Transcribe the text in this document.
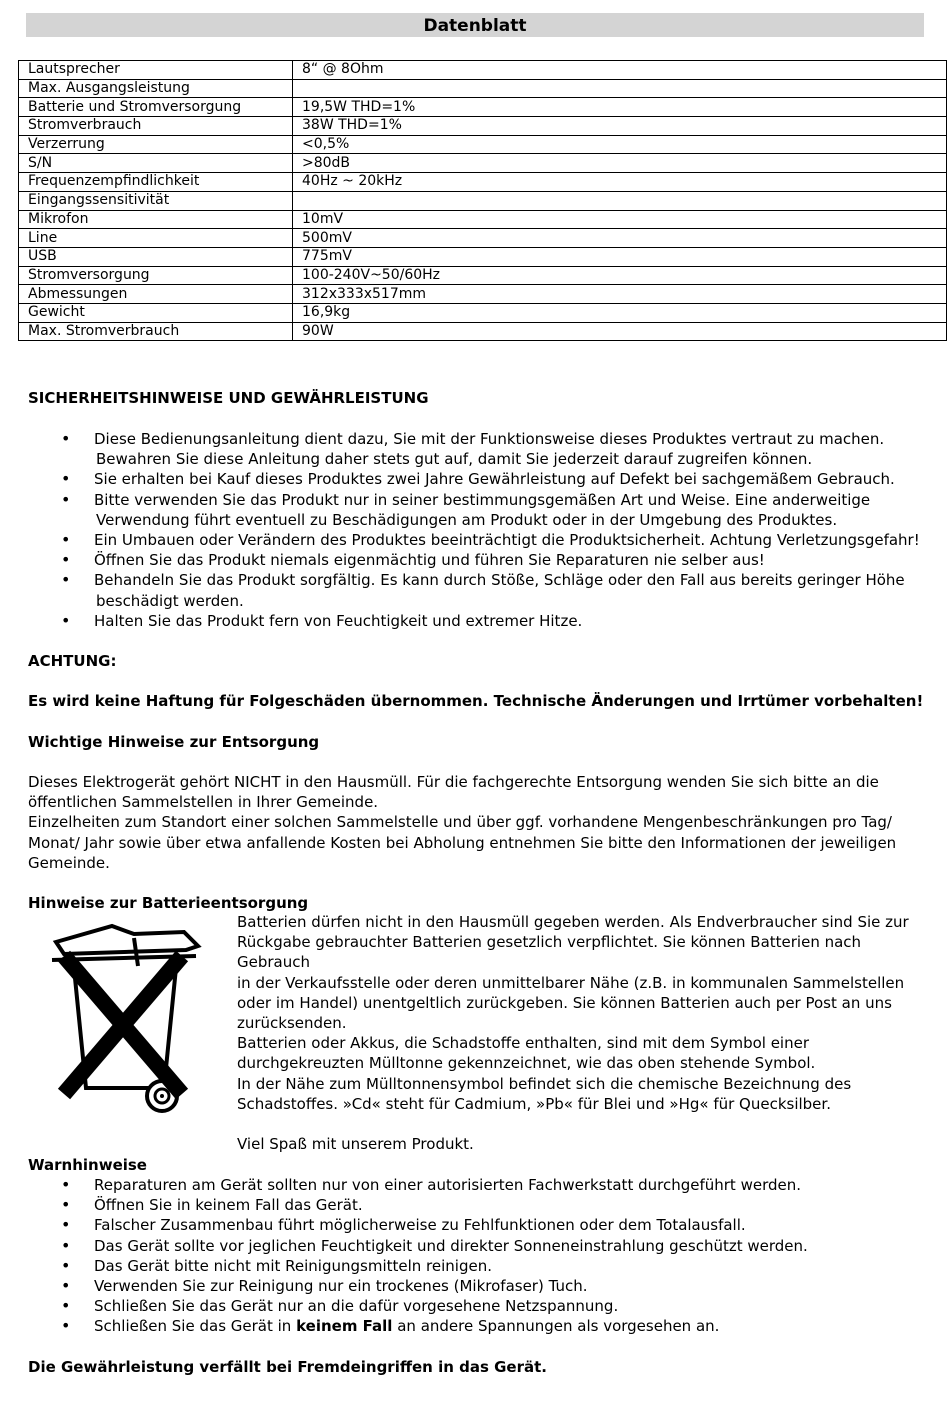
Datenblatt
Lautsprecher	8“ @ 8Ohm
Max. Ausgangsleistung	
Batterie und Stromversorgung	19,5W THD=1%
Stromverbrauch	38W THD=1%
Verzerrung	<0,5%
S/N	>80dB
Frequenzempfindlichkeit	40Hz ~ 20kHz
Eingangssensitivität	
Mikrofon	10mV
Line	500mV
USB	775mV
Stromversorgung	100-240V~50/60Hz
Abmessungen	312x333x517mm
Gewicht	16,9kg
Max. Stromverbrauch	90W
SICHERHEITSHINWEISE UND GEWÄHRLEISTUNG
• Diese Bedienungsanleitung dient dazu, Sie mit der Funktionsweise dieses Produktes vertraut zu machen.
Bewahren Sie diese Anleitung daher stets gut auf, damit Sie jederzeit darauf zugreifen können.
• Sie erhalten bei Kauf dieses Produktes zwei Jahre Gewährleistung auf Defekt bei sachgemäßem Gebrauch.
• Bitte verwenden Sie das Produkt nur in seiner bestimmungsgemäßen Art und Weise. Eine anderweitige
Verwendung führt eventuell zu Beschädigungen am Produkt oder in der Umgebung des Produktes.
• Ein Umbauen oder Verändern des Produktes beeinträchtigt die Produktsicherheit. Achtung Verletzungsgefahr!
• Öffnen Sie das Produkt niemals eigenmächtig und führen Sie Reparaturen nie selber aus!
• Behandeln Sie das Produkt sorgfältig. Es kann durch Stöße, Schläge oder den Fall aus bereits geringer Höhe
beschädigt werden.
• Halten Sie das Produkt fern von Feuchtigkeit und extremer Hitze.
ACHTUNG:
Es wird keine Haftung für Folgeschäden übernommen. Technische Änderungen und Irrtümer vorbehalten!
Wichtige Hinweise zur Entsorgung

Dieses Elektrogerät gehört NICHT in den Hausmüll. Für die fachgerechte Entsorgung wenden Sie sich bitte an die

öffentlichen Sammelstellen in Ihrer Gemeinde.

Einzelheiten zum Standort einer solchen Sammelstelle und über ggf. vorhandene Mengenbeschränkungen pro Tag/

Monat/ Jahr sowie über etwa anfallende Kosten bei Abholung entnehmen Sie bitte den Informationen der jeweiligen

Gemeinde.

Hinweise zur Batterieentsorgung

Batterien dürfen nicht in den Hausmüll gegeben werden. Als Endverbraucher sind Sie zur

Rückgabe gebrauchter Batterien gesetzlich verpflichtet. Sie können Batterien nach Gebrauch

in der Verkaufsstelle oder deren unmittelbarer Nähe (z.B. in kommunalen Sammelstellen

oder im Handel) unentgeltlich zurückgeben. Sie können Batterien auch per Post an uns

zurücksenden.

Batterien oder Akkus, die Schadstoffe enthalten, sind mit dem Symbol einer

durchgekreuzten Mülltonne gekennzeichnet, wie das oben stehende Symbol.

In der Nähe zum Mülltonnensymbol befindet sich die chemische Bezeichnung des

Schadstoffes. »Cd« steht für Cadmium, »Pb« für Blei und »Hg« für Quecksilber.

Viel Spaß mit unserem Produkt.

Warnhinweise
• Reparaturen am Gerät sollten nur von einer autorisierten Fachwerkstatt durchgeführt werden.
• Öffnen Sie in keinem Fall das Gerät.
• Falscher Zusammenbau führt möglicherweise zu Fehlfunktionen oder dem Totalausfall.
• Das Gerät sollte vor jeglichen Feuchtigkeit und direkter Sonneneinstrahlung geschützt werden.
• Das Gerät bitte nicht mit Reinigungsmitteln reinigen.
• Verwenden Sie zur Reinigung nur ein trockenes (Mikrofaser) Tuch.
• Schließen Sie das Gerät nur an die dafür vorgesehene Netzspannung.
• Schließen Sie das Gerät in keinem Fall an andere Spannungen als vorgesehen an.
Die Gewährleistung verfällt bei Fremdeingriffen in das Gerät.
